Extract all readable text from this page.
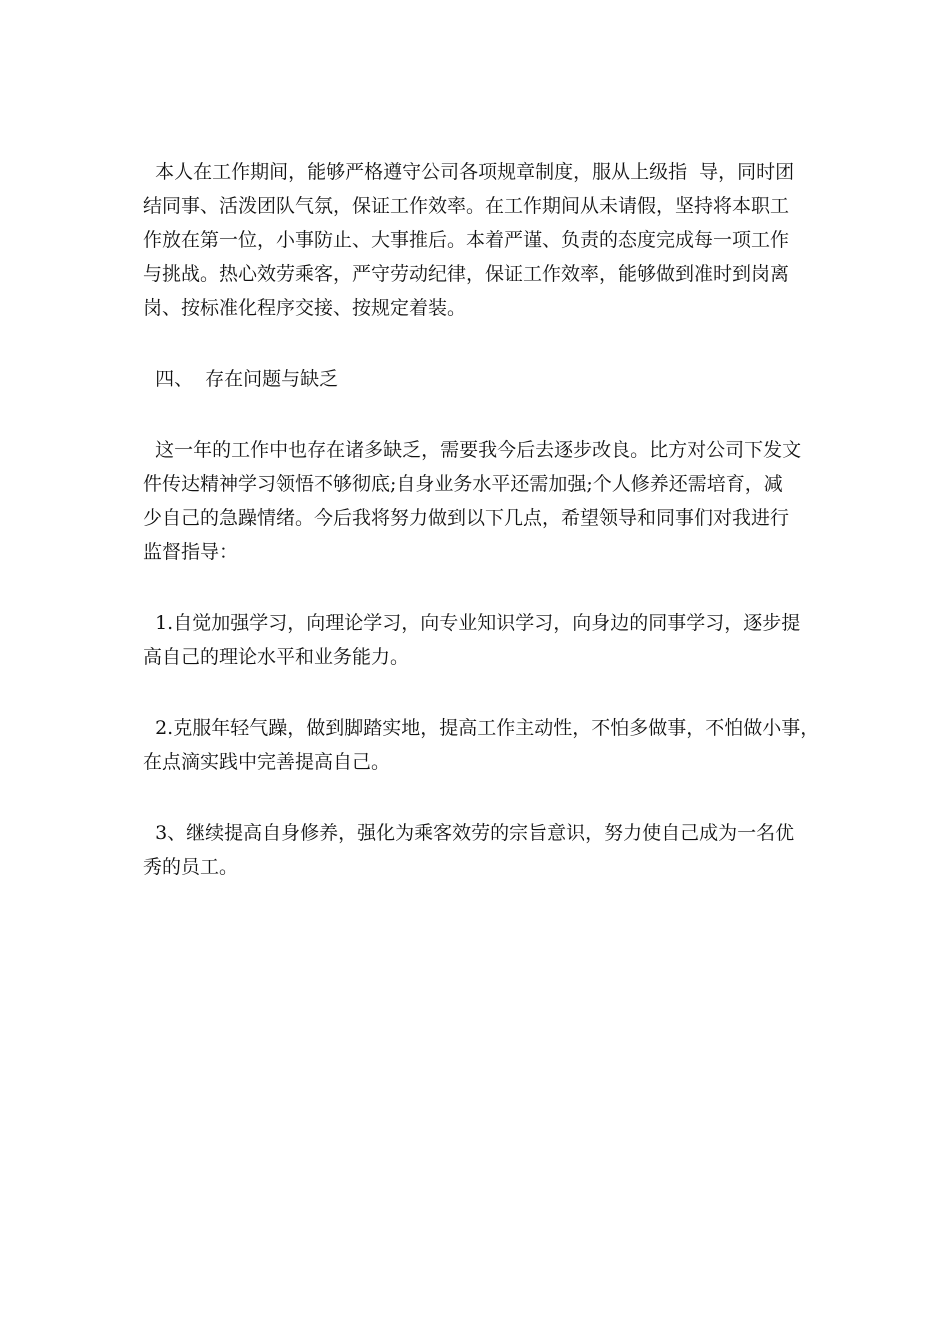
本人在工作期间，能够严格遵守公司各项规章制度，服从上级指  导，同时团
结同事、活泼团队气氛，保证工作效率。在工作期间从未请假，坚持将本职工
作放在第一位，小事防止、大事推后。本着严谨、负责的态度完成每一项工作
与挑战。热心效劳乘客，严守劳动纪律，保证工作效率，能够做到准时到岗离
岗、按标准化程序交接、按规定着装。
四、  存在问题与缺乏
这一年的工作中也存在诸多缺乏，需要我今后去逐步改良。比方对公司下发文
件传达精神学习领悟不够彻底;自身业务水平还需加强;个人修养还需培育，减
少自己的急躁情绪。今后我将努力做到以下几点，希望领导和同事们对我进行
监督指导：
1.自觉加强学习，向理论学习，向专业知识学习，向身边的同事学习，逐步提
高自己的理论水平和业务能力。
2.克服年轻气躁，做到脚踏实地，提高工作主动性，不怕多做事，不怕做小事，
在点滴实践中完善提高自己。
3、继续提高自身修养，强化为乘客效劳的宗旨意识，努力使自己成为一名优
秀的员工。
